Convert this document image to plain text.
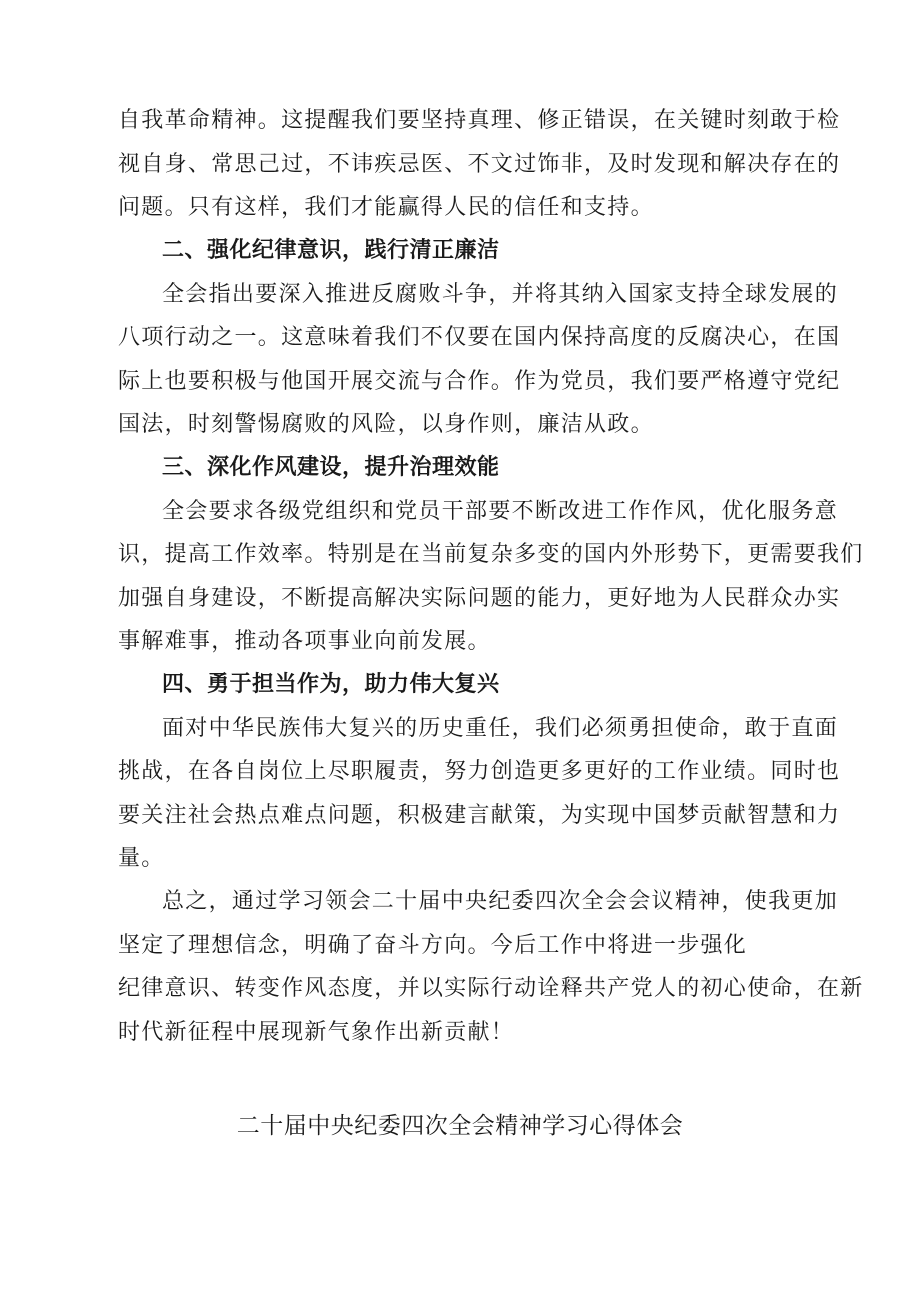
自我革命精神。这提醒我们要坚持真理、修正错误，在关键时刻敢于检
视自身、常思己过，不讳疾忌医、不文过饰非，及时发现和解决存在的
问题。只有这样，我们才能赢得人民的信任和支持。
二、强化纪律意识，践行清正廉洁
全会指出要深入推进反腐败斗争，并将其纳入国家支持全球发展的
八项行动之一。这意味着我们不仅要在国内保持高度的反腐决心，在国
际上也要积极与他国开展交流与合作。作为党员，我们要严格遵守党纪
国法，时刻警惕腐败的风险，以身作则，廉洁从政。
三、深化作风建设，提升治理效能
全会要求各级党组织和党员干部要不断改进工作作风，优化服务意
识，提高工作效率。特别是在当前复杂多变的国内外形势下，更需要我们
加强自身建设，不断提高解决实际问题的能力，更好地为人民群众办实
事解难事，推动各项事业向前发展。
四、勇于担当作为，助力伟大复兴
面对中华民族伟大复兴的历史重任，我们必须勇担使命，敢于直面
挑战，在各自岗位上尽职履责，努力创造更多更好的工作业绩。同时也
要关注社会热点难点问题，积极建言献策，为实现中国梦贡献智慧和力
量。
总之，通过学习领会二十届中央纪委四次全会会议精神，使我更加
坚定了理想信念，明确了奋斗方向。今后工作中将进一步强化
纪律意识、转变作风态度，并以实际行动诠释共产党人的初心使命，在新
时代新征程中展现新气象作出新贡献！
二十届中央纪委四次全会精神学习心得体会
